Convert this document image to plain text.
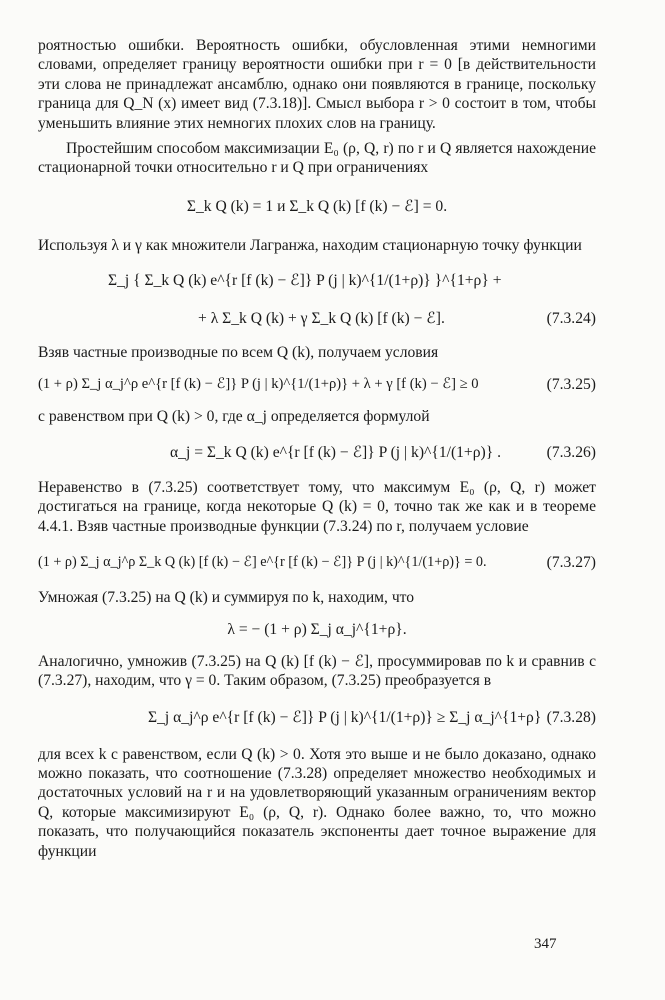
роятностью ошибки. Вероятность ошибки, обусловленная этими немногими словами, определяет границу вероятности ошибки при r = 0 [в действительности эти слова не принадлежат ансамблю, однако они появляются в границе, поскольку граница для Q_N (x) имеет вид (7.3.18)]. Смысл выбора r > 0 состоит в том, чтобы уменьшить влияние этих немногих плохих слов на границу.

Простейшим способом максимизации E₀ (ρ, Q, r) по r и Q является нахождение стационарной точки относительно r и Q при ограничениях

Σ_k Q (k) = 1 и Σ_k Q (k) [f (k) − ℰ] = 0.

Используя λ и γ как множители Лагранжа, находим стационарную точку функции

Σ_j { Σ_k Q (k) e^{r [f (k) − ℰ]} P (j | k)^{1/(1+ρ)} }^{1+ρ} +
+ λ Σ_k Q (k) + γ Σ_k Q (k) [f (k) − ℰ].	(7.3.24)

Взяв частные производные по всем Q (k), получаем условия

(1 + ρ) Σ_j α_j^ρ e^{r [f (k) − ℰ]} P (j | k)^{1/(1+ρ)} + λ + γ [f (k) − ℰ] ≥ 0	(7.3.25)

с равенством при Q (k) > 0, где α_j определяется формулой

α_j = Σ_k Q (k) e^{r [f (k) − ℰ]} P (j | k)^{1/(1+ρ)} .	(7.3.26)

Неравенство в (7.3.25) соответствует тому, что максимум E₀ (ρ, Q, r) может достигаться на границе, когда некоторые Q (k) = 0, точно так же как и в теореме 4.4.1. Взяв частные производные функции (7.3.24) по r, получаем условие

(1 + ρ) Σ_j α_j^ρ Σ_k Q (k) [f (k) − ℰ] e^{r [f (k) − ℰ]} P (j | k)^{1/(1+ρ)} = 0.	(7.3.27)

Умножая (7.3.25) на Q (k) и суммируя по k, находим, что

λ = − (1 + ρ) Σ_j α_j^{1+ρ}.

Аналогично, умножив (7.3.25) на Q (k) [f (k) − ℰ], просуммировав по k и сравнив с (7.3.27), находим, что γ = 0. Таким образом, (7.3.25) преобразуется в

Σ_j α_j^ρ e^{r [f (k) − ℰ]} P (j | k)^{1/(1+ρ)} ≥ Σ_j α_j^{1+ρ} (7.3.28)

для всех k с равенством, если Q (k) > 0. Хотя это выше и не было доказано, однако можно показать, что соотношение (7.3.28) определяет множество необходимых и достаточных условий на r и на удовлетворяющий указанным ограничениям вектор Q, которые максимизируют E₀ (ρ, Q, r). Однако более важно, то, что можно показать, что получающийся показатель экспоненты дает точное выражение для функции

347
